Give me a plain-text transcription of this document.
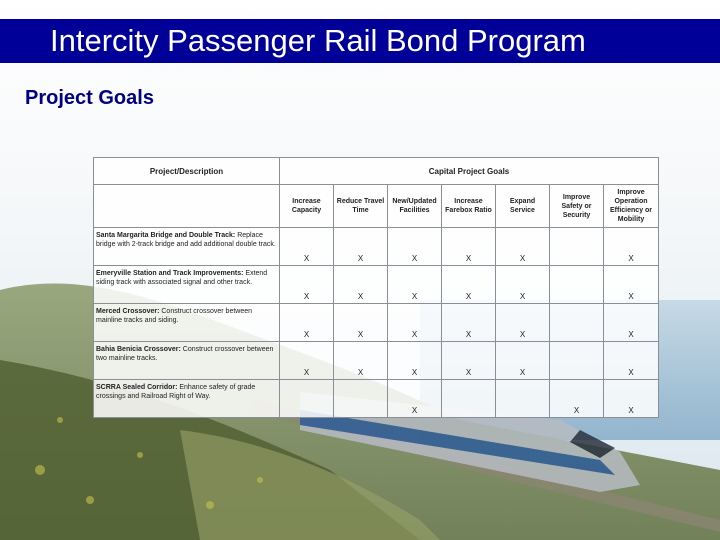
Intercity Passenger Rail Bond Program
Project Goals
Project/Description	Capital Project Goals						
	Increase Capacity	Reduce Travel Time	New/Updated Facilities	Increase Farebox Ratio	Expand Service	Improve Safety or Security	Improve Operation Efficiency or Mobility
Santa Margarita Bridge and Double Track: Replace bridge with 2-track bridge and add additional double track.	X	X	X	X	X		X
Emeryville Station and Track Improvements: Extend siding track with associated signal and other track.	X	X	X	X	X		X
Merced Crossover: Construct crossover between mainline tracks and siding.	X	X	X	X	X		X
Bahia Benicia Crossover: Construct crossover between two mainline tracks.	X	X	X	X	X		X
SCRRA Sealed Corridor: Enhance safety of grade crossings and Railroad Right of Way.			X			X	X
